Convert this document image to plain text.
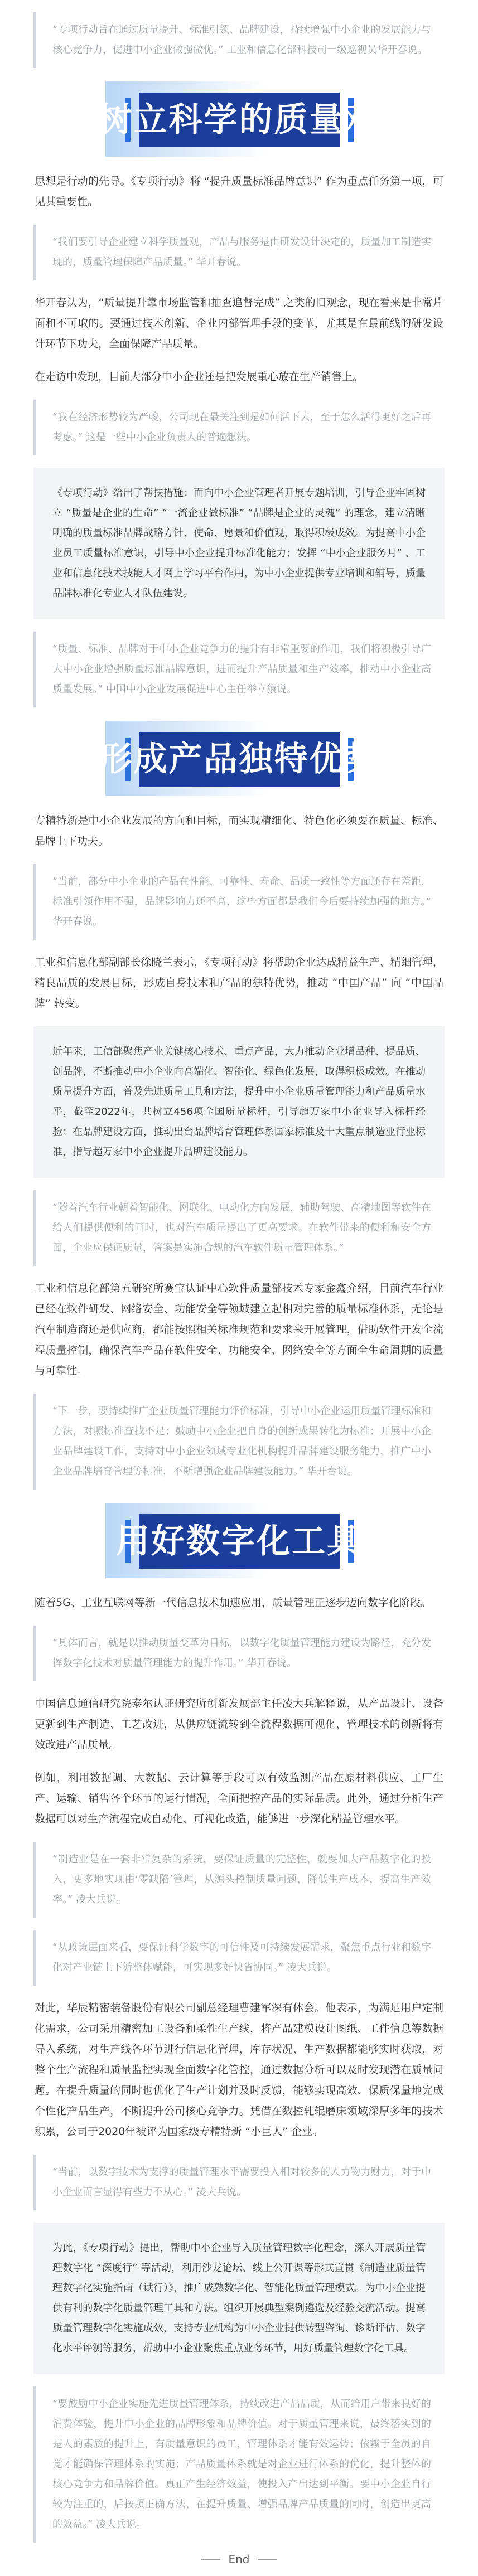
“专项行动旨在通过质量提升、标准引领、品牌建设，持续增强中小企业的发展能力与核心竞争力，促进中小企业做强做优。” 工业和信息化部科技司一级巡视员华开春说。
树立科学的质量观

思想是行动的先导。《专项行动》将 “提升质量标准品牌意识” 作为重点任务第一项，可见其重要性。

“我们要引导企业建立科学质量观，产品与服务是由研发设计决定的，质量加工制造实现的，质量管理保障产品质量。” 华开春说。

华开春认为，“质量提升靠市场监管和抽查追督完成” 之类的旧观念，现在看来是非常片面和不可取的。要通过技术创新、企业内部管理手段的变革，尤其是在最前线的研发设计环节下功夫，全面保障产品质量。

在走访中发现，目前大部分中小企业还是把发展重心放在生产销售上。

“我在经济形势较为严峻，公司现在最关注到是如何活下去，至于怎么活得更好之后再考虑。” 这是一些中小企业负责人的普遍想法。
《专项行动》给出了帮扶措施：面向中小企业管理者开展专题培训，引导企业牢固树立 “质量是企业的生命” “一流企业做标准” “品牌是企业的灵魂” 的理念，建立清晰明确的质量标准品牌战略方针、使命、愿景和价值观，取得积极成效。为提高中小企业员工质量标准意识，引导中小企业提升标准化能力；发挥 “中小企业服务月” 、工业和信息化技术技能人才网上学习平台作用，为中小企业提供专业培训和辅导，质量品牌标准化专业人才队伍建设。
“质量、标准、品牌对于中小企业竞争力的提升有非常重要的作用，我们将积极引导广大中小企业增强质量标准品牌意识，进而提升产品质量和生产效率，推动中小企业高质量发展。” 中国中小企业发展促进中心主任举立猿说。
形成产品独特优势

专精特新是中小企业发展的方向和目标，而实现精细化、特色化必须要在质量、标准、品牌上下功夫。

“当前，部分中小企业的产品在性能、可靠性、寿命、品质一致性等方面还存在差距，标准引领作用不强，品牌影响力还不高，这些方面都是我们今后要持续加强的地方。” 华开春说。

工业和信息化部副部长徐晓兰表示，《专项行动》将帮助企业达成精益生产、精细管理，精良品质的发展目标，形成自身技术和产品的独特优势，推动 “中国产品” 向 “中国品牌” 转变。

近年来，工信部聚焦产业关键核心技术、重点产品，大力推动企业增品种、提品质、创品牌，不断推动中小企业向高端化、智能化、绿色化发展，取得积极成效。在推动质量提升方面，普及先进质量工具和方法，提升中小企业质量管理能力和产品质量水平，截至2022年，共树立456项全国质量标杆，引导超万家中小企业导入标杆经验；在品牌建设方面，推动出台品牌培育管理体系国家标准及十大重点制造业行业标准，指导超万家中小企业提升品牌建设能力。
“随着汽车行业朝着智能化、网联化、电动化方向发展，辅助驾驶、高精地图等软件在给人们提供便利的同时，也对汽车质量提出了更高要求。在软件带来的便利和安全方面，企业应保证质量，答案是实施合规的汽车软件质量管理体系。”

工业和信息化部第五研究所赛宝认证中心软件质量部技术专家金鑫介绍，目前汽车行业已经在软件研发、网络安全、功能安全等领域建立起相对完善的质量标准体系，无论是汽车制造商还是供应商，都能按照相关标准规范和要求来开展管理，借助软件开发全流程质量控制，确保汽车产品在软件安全、功能安全、网络安全等方面全生命周期的质量与可靠性。

“下一步，要持续推广企业质量管理能力评价标准，引导中小企业运用质量管理标准和方法，对照标准查找不足；鼓励中小企业把自身的创新成果转化为标准；开展中小企业品牌建设工作，支持对中小企业领域专业化机构提升品牌建设服务能力，推广中小企业品牌培育管理等标准，不断增强企业品牌建设能力。” 华开春说。
用好数字化工具

随着5G、工业互联网等新一代信息技术加速应用，质量管理正逐步迈向数字化阶段。

“具体而言，就是以推动质量变革为目标，以数字化质量管理能力建设为路径，充分发挥数字化技术对质量管理能力的提升作用。” 华开春说。

中国信息通信研究院泰尔认证研究所创新发展部主任凌大兵解释说，从产品设计、设备更新到生产制造、工艺改进，从供应链流转到全流程数据可视化，管理技术的创新将有效改进产品质量。

例如，利用数据调、大数据、云计算等手段可以有效监测产品在原材料供应、工厂生产、运输、销售各个环节的运行情况，全面把控产品的实际品质。此外，通过分析生产数据可以对生产流程完成自动化、可视化改造，能够进一步深化精益管理水平。

“制造业是在一套非常复杂的系统，要保证质量的完整性，就要加大产品数字化的投入，更多地实现由‘零缺陷’管理，从源头控制质量问题，降低生产成本，提高生产效率。” 凌大兵说。
“从政策层面来看，要保证科学数字的可信性及可持续发展需求，聚焦重点行业和数字化对产业链上下游整体赋能，可实现多好快省协同。” 凌大兵说。

对此，华辰精密装备股份有限公司副总经理曹建军深有体会。他表示，为满足用户定制化需求，公司采用精密加工设备和柔性生产线，将产品建模设计图纸、工件信息等数据导入系统，对生产线各环节进行信息化管理，库存状况、生产数据都能够实时获取，对整个生产流程和质量监控实现全面数字化管控，通过数据分析可以及时发现潜在质量问题。在提升质量的同时也优化了生产计划并及时反馈，能够实现高效、保质保量地完成个性化产品生产，不断提升公司核心竞争力。凭借在数控轧辊磨床领域深厚多年的技术积累，公司于2020年被评为国家级专精特新 “小巨人” 企业。

“当前，以数字技术为支撑的质量管理水平需要投入相对较多的人力物力财力，对于中小企业而言显得有些力不从心。” 凌大兵说。
为此，《专项行动》提出，帮助中小企业导入质量管理数字化理念，深入开展质量管理数字化 “深度行” 等活动，利用沙龙论坛、线上公开课等形式宣贯《制造业质量管理数字化实施指南（试行）》，推广成熟数字化、智能化质量管理模式。为中小企业提供有利的数字化质量管理工具和方法。组织开展典型案例遴选及经验交流活动。提高质量管理数字化实施成效，支持专业机构为中小企业提供转型咨询、诊断评估、数字化水平评测等服务，帮助中小企业聚焦重点业务环节，用好质量管理数字化工具。
“要鼓励中小企业实施先进质量管理体系，持续改进产品品质，从而给用户带来良好的消费体验，提升中小企业的品牌形象和品牌价值。对于质量管理来说，最终落实到的是人的素质的提升上，有质量意识的员工，管理体系才能有效运转；依赖于全员的自觉才能确保管理体系的实施；产品质量体系就是对企业进行体系的优化，提升整体的核心竞争力和品牌价值。真正产生经济效益，使投入产出达到平衡。要中小企业自行较为注重的，后按照正确方法、在提升质量、增强品牌产品质量的同时，创造出更高的效益。” 凌大兵说。
End
